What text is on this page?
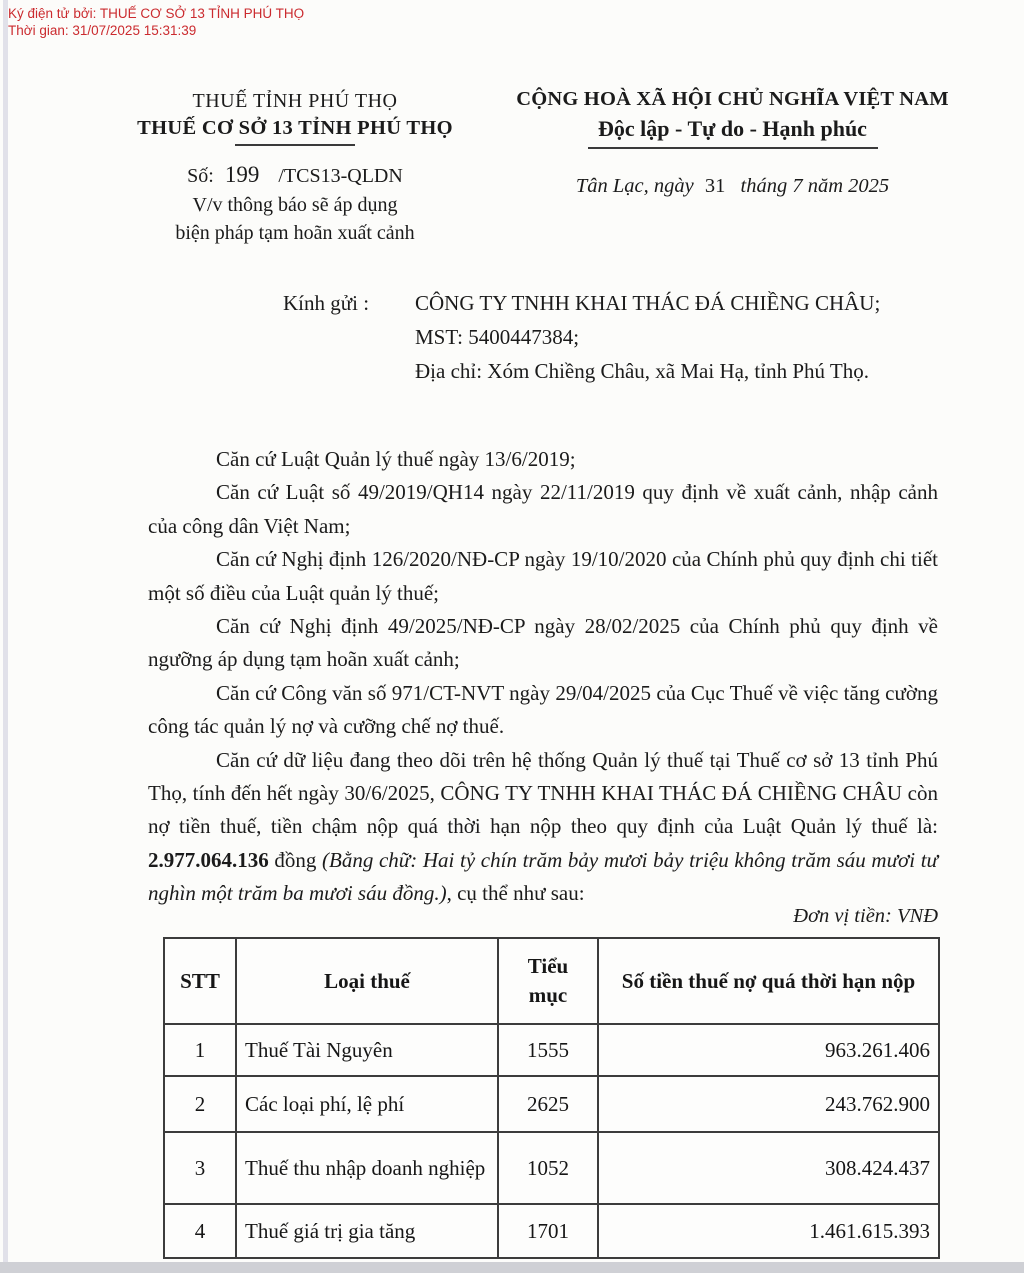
Ký điện tử bởi: THUẾ CƠ SỞ 13 TỈNH PHÚ THỌ
Thời gian: 31/07/2025 15:31:39
THUẾ TỈNH PHÚ THỌ
THUẾ CƠ SỞ 13 TỈNH PHÚ THỌ
Số: 199 /TCS13-QLDN
V/v thông báo sẽ áp dụng
biện pháp tạm hoãn xuất cảnh
CỘNG HOÀ XÃ HỘI CHỦ NGHĨA VIỆT NAM
Độc lập - Tự do - Hạnh phúc
Tân Lạc, ngày 31 tháng 7 năm 2025
Kính gửi :	CÔNG TY TNHH KHAI THÁC ĐÁ CHIỀNG CHÂU;
MST: 5400447384;
Địa chỉ: Xóm Chiềng Châu, xã Mai Hạ, tỉnh Phú Thọ.

Căn cứ Luật Quản lý thuế ngày 13/6/2019;

Căn cứ Luật số 49/2019/QH14 ngày 22/11/2019 quy định về xuất cảnh, nhập cảnh của công dân Việt Nam;

Căn cứ Nghị định 126/2020/NĐ-CP ngày 19/10/2020 của Chính phủ quy định chi tiết một số điều của Luật quản lý thuế;

Căn cứ Nghị định 49/2025/NĐ-CP ngày 28/02/2025 của Chính phủ quy định về ngưỡng áp dụng tạm hoãn xuất cảnh;

Căn cứ Công văn số 971/CT-NVT ngày 29/04/2025 của Cục Thuế về việc tăng cường công tác quản lý nợ và cưỡng chế nợ thuế.

Căn cứ dữ liệu đang theo dõi trên hệ thống Quản lý thuế tại Thuế cơ sở 13 tỉnh Phú Thọ, tính đến hết ngày 30/6/2025, CÔNG TY TNHH KHAI THÁC ĐÁ CHIỀNG CHÂU còn nợ tiền thuế, tiền chậm nộp quá thời hạn nộp theo quy định của Luật Quản lý thuế là: 2.977.064.136 đồng (Bằng chữ: Hai tỷ chín trăm bảy mươi bảy triệu không trăm sáu mươi tư nghìn một trăm ba mươi sáu đồng.), cụ thể như sau:

Đơn vị tiền: VNĐ
STT	Loại thuế	Tiểu mục	Số tiền thuế nợ quá thời hạn nộp
1	Thuế Tài Nguyên	1555	963.261.406
2	Các loại phí, lệ phí	2625	243.762.900
3	Thuế thu nhập doanh nghiệp	1052	308.424.437
4	Thuế giá trị gia tăng	1701	1.461.615.393
